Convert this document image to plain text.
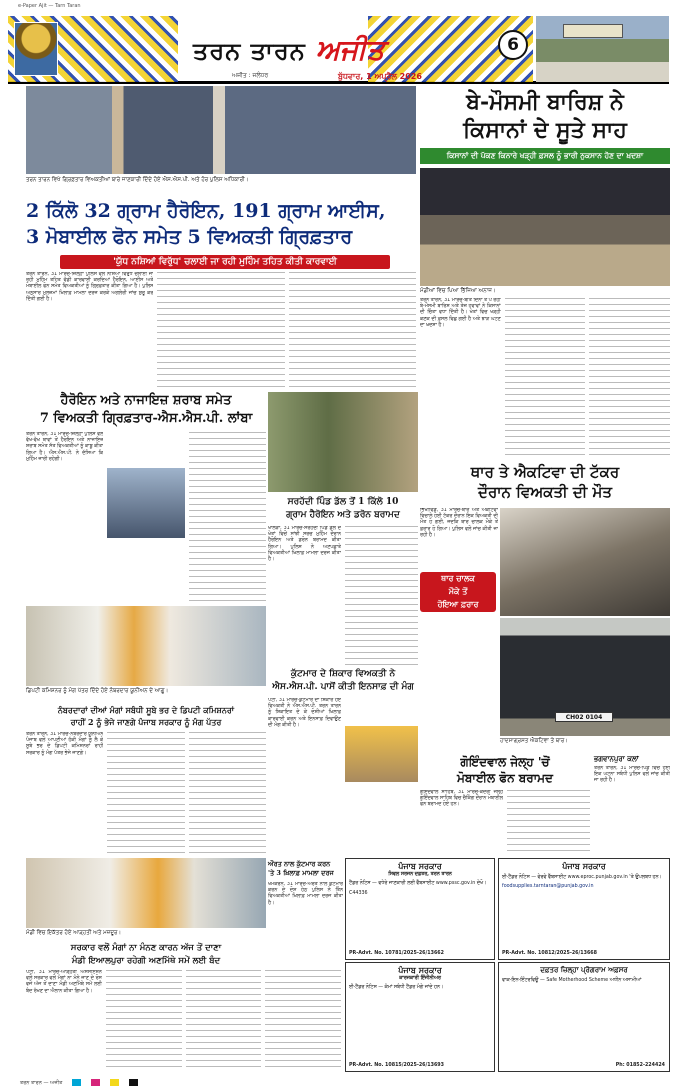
e-Paper Ajit — Tarn Taran
ਤਰਨ ਤਾਰਨ ਅਜੀਤ
ਅਜੀਤ : ਜਲੰਧਰ	ਬੁੱਧਵਾਰ, 1 ਅਪ੍ਰੈਲ 2026
6
ਤਰਨ ਤਾਰਨ ਵਿਖੇ ਗ੍ਰਿਫ਼ਤਾਰ ਵਿਅਕਤੀਆਂ ਬਾਰੇ ਜਾਣਕਾਰੀ ਦਿੰਦੇ ਹੋਏ ਐਸ.ਐਸ.ਪੀ. ਅਤੇ ਹੋਰ ਪੁਲਿਸ ਅਧਿਕਾਰੀ।
2 ਕਿੱਲੋ 32 ਗ੍ਰਾਮ ਹੈਰੋਇਨ, 191 ਗ੍ਰਾਮ ਆਈਸ,
3 ਮੋਬਾਈਲ ਫੋਨ ਸਮੇਤ 5 ਵਿਅਕਤੀ ਗ੍ਰਿਫ਼ਤਾਰ
'ਯੁੱਧ ਨਸ਼ਿਆਂ ਵਿਰੁੱਧ' ਚਲਾਈ ਜਾ ਰਹੀ ਮੁਹਿੰਮ ਤਹਿਤ ਕੀਤੀ ਕਾਰਵਾਈ
ਤਰਨ ਤਾਰਨ, 31 ਮਾਰਚ-ਜ਼ਿਲ੍ਹਾ ਪੁਲਿਸ ਵਲੋਂ ਨਸ਼ਿਆਂ ਵਿਰੁੱਧ ਚਲਾਈ ਜਾ ਰਹੀ ਮੁਹਿੰਮ ਤਹਿਤ ਵੱਡੀ ਕਾਰਵਾਈ ਕਰਦਿਆਂ ਹੈਰੋਇਨ, ਆਈਸ ਅਤੇ ਮੋਬਾਈਲ ਫੋਨ ਸਮੇਤ ਵਿਅਕਤੀਆਂ ਨੂੰ ਗ੍ਰਿਫ਼ਤਾਰ ਕੀਤਾ ਗਿਆ ਹੈ। ਪੁਲਿਸ ਅਨੁਸਾਰ ਮੁਲਜ਼ਮਾਂ ਖ਼ਿਲਾਫ਼ ਮਾਮਲਾ ਦਰਜ ਕਰਕੇ ਅਗਲੇਰੀ ਜਾਂਚ ਸ਼ੁਰੂ ਕਰ ਦਿੱਤੀ ਗਈ ਹੈ।
ਬੇ-ਮੌਸਮੀ ਬਾਰਿਸ਼ ਨੇ
ਕਿਸਾਨਾਂ ਦੇ ਸੂਤੇ ਸਾਹ
ਕਿਸਾਨਾਂ ਦੀ ਪੱਕਣ ਕਿਨਾਰੇ ਖੜ੍ਹੀ ਫ਼ਸਲ ਨੂੰ ਭਾਰੀ ਨੁਕਸਾਨ ਹੋਣ ਦਾ ਖ਼ਦਸ਼ਾ
ਮੰਡੀਆਂ ਵਿਚ ਪਿਆ ਭਿੱਜਿਆ ਅਨਾਜ।
ਤਰਨ ਤਾਰਨ, 31 ਮਾਰਚ-ਬੀਤੇ ਦਿਨਾਂ ਤੋਂ ਪੈ ਰਹੀ ਬੇ-ਮੌਸਮੀ ਬਾਰਿਸ਼ ਅਤੇ ਤੇਜ਼ ਹਵਾਵਾਂ ਨੇ ਕਿਸਾਨਾਂ ਦੀ ਚਿੰਤਾ ਵਧਾ ਦਿੱਤੀ ਹੈ। ਖੇਤਾਂ ਵਿਚ ਖੜ੍ਹੀ ਕਣਕ ਦੀ ਫ਼ਸਲ ਵਿਛ ਗਈ ਹੈ ਅਤੇ ਝਾੜ ਘਟਣ ਦਾ ਖ਼ਦਸ਼ਾ ਹੈ।
ਹੈਰੋਇਨ ਅਤੇ ਨਾਜਾਇਜ਼ ਸ਼ਰਾਬ ਸਮੇਤ
7 ਵਿਅਕਤੀ ਗ੍ਰਿਫ਼ਤਾਰ-ਐਸ.ਐਸ.ਪੀ. ਲਾਂਬਾ
ਤਰਨ ਤਾਰਨ, 31 ਮਾਰਚ-ਜ਼ਿਲ੍ਹਾ ਪੁਲਿਸ ਵਲੋਂ ਵੱਖ-ਵੱਖ ਥਾਵਾਂ ਤੋਂ ਹੈਰੋਇਨ ਅਤੇ ਨਾਜਾਇਜ਼ ਸ਼ਰਾਬ ਸਮੇਤ ਸੱਤ ਵਿਅਕਤੀਆਂ ਨੂੰ ਕਾਬੂ ਕੀਤਾ ਗਿਆ ਹੈ। ਐਸ.ਐਸ.ਪੀ. ਨੇ ਦੱਸਿਆ ਕਿ ਮੁਹਿੰਮ ਜਾਰੀ ਰਹੇਗੀ।
ਸਰਹੱਦੀ ਪਿੰਡ ਡੱਲ ਤੋਂ 1 ਕਿੱਲੋ 10
ਗ੍ਰਾਮ ਹੈਰੋਇਨ ਅਤੇ ਡਰੋਨ ਬਰਾਮਦ
ਖਾਲੜਾ, 31 ਮਾਰਚ-ਸਰਹੱਦੀ ਪਿੰਡ ਡੱਲ ਦੇ ਖੇਤਾਂ ਵਿਚੋਂ ਸਾਂਝੀ ਸਰਚ ਮੁਹਿੰਮ ਦੌਰਾਨ ਹੈਰੋਇਨ ਅਤੇ ਡਰੋਨ ਬਰਾਮਦ ਕੀਤਾ ਗਿਆ। ਪੁਲਿਸ ਨੇ ਅਣਪਛਾਤੇ ਵਿਅਕਤੀਆਂ ਖ਼ਿਲਾਫ਼ ਮਾਮਲਾ ਦਰਜ ਕੀਤਾ ਹੈ।
ਥਾਰ ਤੇ ਐਕਟਿਵਾ ਦੀ ਟੱਕਰ
ਦੌਰਾਨ ਵਿਅਕਤੀ ਦੀ ਮੌਤ
ਭਿੱਖੀਵਿੰਡ, 31 ਮਾਰਚ-ਥਾਰ ਅਤੇ ਐਕਟਿਵਾ ਵਿਚਾਲੇ ਹੋਈ ਟੱਕਰ ਦੌਰਾਨ ਇਕ ਵਿਅਕਤੀ ਦੀ ਮੌਤ ਹੋ ਗਈ, ਜਦਕਿ ਥਾਰ ਚਾਲਕ ਮੌਕੇ ਤੋਂ ਫ਼ਰਾਰ ਹੋ ਗਿਆ। ਪੁਲਿਸ ਵਲੋਂ ਜਾਂਚ ਕੀਤੀ ਜਾ ਰਹੀ ਹੈ।
ਥਾਰ ਚਾਲਕ
ਮੌਕੇ ਤੋਂ
ਹੋਇਆ ਫ਼ਰਾਰ
CH02 0104
ਹਾਦਸਾਗ੍ਰਸਤ ਐਕਟਿਵਾ ਤੇ ਥਾਰ।
ਡਿਪਟੀ ਕਮਿਸ਼ਨਰ ਨੂੰ ਮੰਗ ਪੱਤਰ ਦਿੰਦੇ ਹੋਏ ਨੰਬਰਦਾਰ ਯੂਨੀਅਨ ਦੇ ਆਗੂ।
ਨੰਬਰਦਾਰਾਂ ਦੀਆਂ ਮੰਗਾਂ ਸਬੰਧੀ ਸੂਬੇ ਭਰ ਦੇ ਡਿਪਟੀ ਕਮਿਸ਼ਨਰਾਂ
ਰਾਹੀਂ 2 ਨੂੰ ਭੇਜੇ ਜਾਣਗੇ ਪੰਜਾਬ ਸਰਕਾਰ ਨੂੰ ਮੰਗ ਪੱਤਰ
ਤਰਨ ਤਾਰਨ, 31 ਮਾਰਚ-ਨੰਬਰਦਾਰ ਯੂਨੀਅਨ ਪੰਜਾਬ ਵਲੋਂ ਆਪਣੀਆਂ ਹੱਕੀ ਮੰਗਾਂ ਨੂੰ ਲੈ ਕੇ ਸੂਬੇ ਭਰ ਦੇ ਡਿਪਟੀ ਕਮਿਸ਼ਨਰਾਂ ਰਾਹੀਂ ਸਰਕਾਰ ਨੂੰ ਮੰਗ ਪੱਤਰ ਭੇਜੇ ਜਾਣਗੇ।
ਕੁੱਟਮਾਰ ਦੇ ਸ਼ਿਕਾਰ ਵਿਅਕਤੀ ਨੇ
ਐਸ.ਐਸ.ਪੀ. ਪਾਸੋਂ ਕੀਤੀ ਇਨਸਾਫ਼ ਦੀ ਮੰਗ
ਪੱਟੀ, 31 ਮਾਰਚ-ਕੁੱਟਮਾਰ ਦਾ ਸ਼ਿਕਾਰ ਹੋਏ ਵਿਅਕਤੀ ਨੇ ਐਸ.ਐਸ.ਪੀ. ਤਰਨ ਤਾਰਨ ਨੂੰ ਸ਼ਿਕਾਇਤ ਦੇ ਕੇ ਦੋਸ਼ੀਆਂ ਖ਼ਿਲਾਫ਼ ਕਾਰਵਾਈ ਕਰਨ ਅਤੇ ਇਨਸਾਫ਼ ਦਿਵਾਉਣ ਦੀ ਮੰਗ ਕੀਤੀ ਹੈ।
ਗੋਇੰਦਵਾਲ ਜੇਲ੍ਹ 'ਚੋਂ
ਮੋਬਾਈਲ ਫੋਨ ਬਰਾਮਦ
ਗੋਇੰਦਵਾਲ ਸਾਹਿਬ, 31 ਮਾਰਚ-ਕੇਂਦਰੀ ਜੇਲ੍ਹ ਗੋਇੰਦਵਾਲ ਸਾਹਿਬ ਵਿਚ ਚੈਕਿੰਗ ਦੌਰਾਨ ਮੋਬਾਈਲ ਫੋਨ ਬਰਾਮਦ ਹੋਏ ਹਨ।
ਭਗਵਾਨਪੁਰਾ ਕਲਾਂ
ਤਰਨ ਤਾਰਨ, 31 ਮਾਰਚ-ਪਿੰਡ ਵਿਚ ਹੋਈ ਇਕ ਘਟਨਾ ਸਬੰਧੀ ਪੁਲਿਸ ਵਲੋਂ ਜਾਂਚ ਕੀਤੀ ਜਾ ਰਹੀ ਹੈ।
ਮੰਡੀ ਵਿਚ ਇਕੱਤਰ ਹੋਏ ਆੜ੍ਹਤੀ ਅਤੇ ਮਜ਼ਦੂਰ।
ਸਰਕਾਰ ਵਲੋਂ ਮੰਗਾਂ ਨਾ ਮੰਨਣ ਕਾਰਨ ਅੱਜ ਤੋਂ ਦਾਣਾ
ਮੰਡੀ ਇਆਲਪੁਰਾ ਰਹੇਗੀ ਅਣਮਿੱਥੇ ਸਮੇਂ ਲਈ ਬੰਦ
ਪੱਟੀ, 31 ਮਾਰਚ-ਆੜ੍ਹਤੀ ਐਸੋਸੀਏਸ਼ਨ ਵਲੋਂ ਸਰਕਾਰ ਵਲੋਂ ਮੰਗਾਂ ਨਾ ਮੰਨੇ ਜਾਣ ਦੇ ਰੋਸ ਵਜੋਂ ਅੱਜ ਤੋਂ ਦਾਣਾ ਮੰਡੀ ਅਣਮਿੱਥੇ ਸਮੇਂ ਲਈ ਬੰਦ ਰੱਖਣ ਦਾ ਐਲਾਨ ਕੀਤਾ ਗਿਆ ਹੈ।
ਔਰਤ ਨਾਲ ਕੁੱਟਮਾਰ ਕਰਨ
'ਤੇ 3 ਖ਼ਿਲਾਫ਼ ਮਾਮਲਾ ਦਰਜ
ਖੇਮਕਰਨ, 31 ਮਾਰਚ-ਔਰਤ ਨਾਲ ਕੁੱਟਮਾਰ ਕਰਨ ਦੇ ਦੋਸ਼ ਹੇਠ ਪੁਲਿਸ ਨੇ ਤਿੰਨ ਵਿਅਕਤੀਆਂ ਖ਼ਿਲਾਫ਼ ਮਾਮਲਾ ਦਰਜ ਕੀਤਾ ਹੈ।
ਪੰਜਾਬ ਸਰਕਾਰ
ਸਿਵਲ ਸਰਜਨ ਦਫ਼ਤਰ, ਤਰਨ ਤਾਰਨ
ਟੈਂਡਰ ਨੋਟਿਸ — ਵਧੇਰੇ ਜਾਣਕਾਰੀ ਲਈ ਵੈੱਬਸਾਈਟ www.pssc.gov.in ਦੇਖੋ।
C44336
PR-Advt. No. 10781/2025-26/13662
ਪੰਜਾਬ ਸਰਕਾਰ
ਕਾਰਜਕਾਰੀ ਇੰਜੀਨੀਅਰ
ਈ-ਟੈਂਡਰ ਨੋਟਿਸ — ਕੰਮਾਂ ਸਬੰਧੀ ਟੈਂਡਰ ਮੰਗੇ ਜਾਂਦੇ ਹਨ।
PR-Advt. No. 10815/2025-26/13693
ਪੰਜਾਬ ਸਰਕਾਰ
ਈ-ਟੈਂਡਰ ਨੋਟਿਸ — ਵੇਰਵੇ ਵੈੱਬਸਾਈਟ www.eproc.punjab.gov.in 'ਤੇ ਉਪਲਬਧ ਹਨ।
foodsupplies.tarntaran@punjab.gov.in
PR-Advt. No. 10812/2025-26/13668
ਦਫ਼ਤਰ ਜ਼ਿਲ੍ਹਾ ਪ੍ਰੋਗਰਾਮ ਅਫ਼ਸਰ
ਵਾਕ-ਇਨ-ਇੰਟਰਵਿਊ — Safe Motherhood Scheme ਅਧੀਨ ਅਸਾਮੀਆਂ
Ph: 01852-224424
ਤਰਨ ਤਾਰਨ — ਅਜੀਤ
